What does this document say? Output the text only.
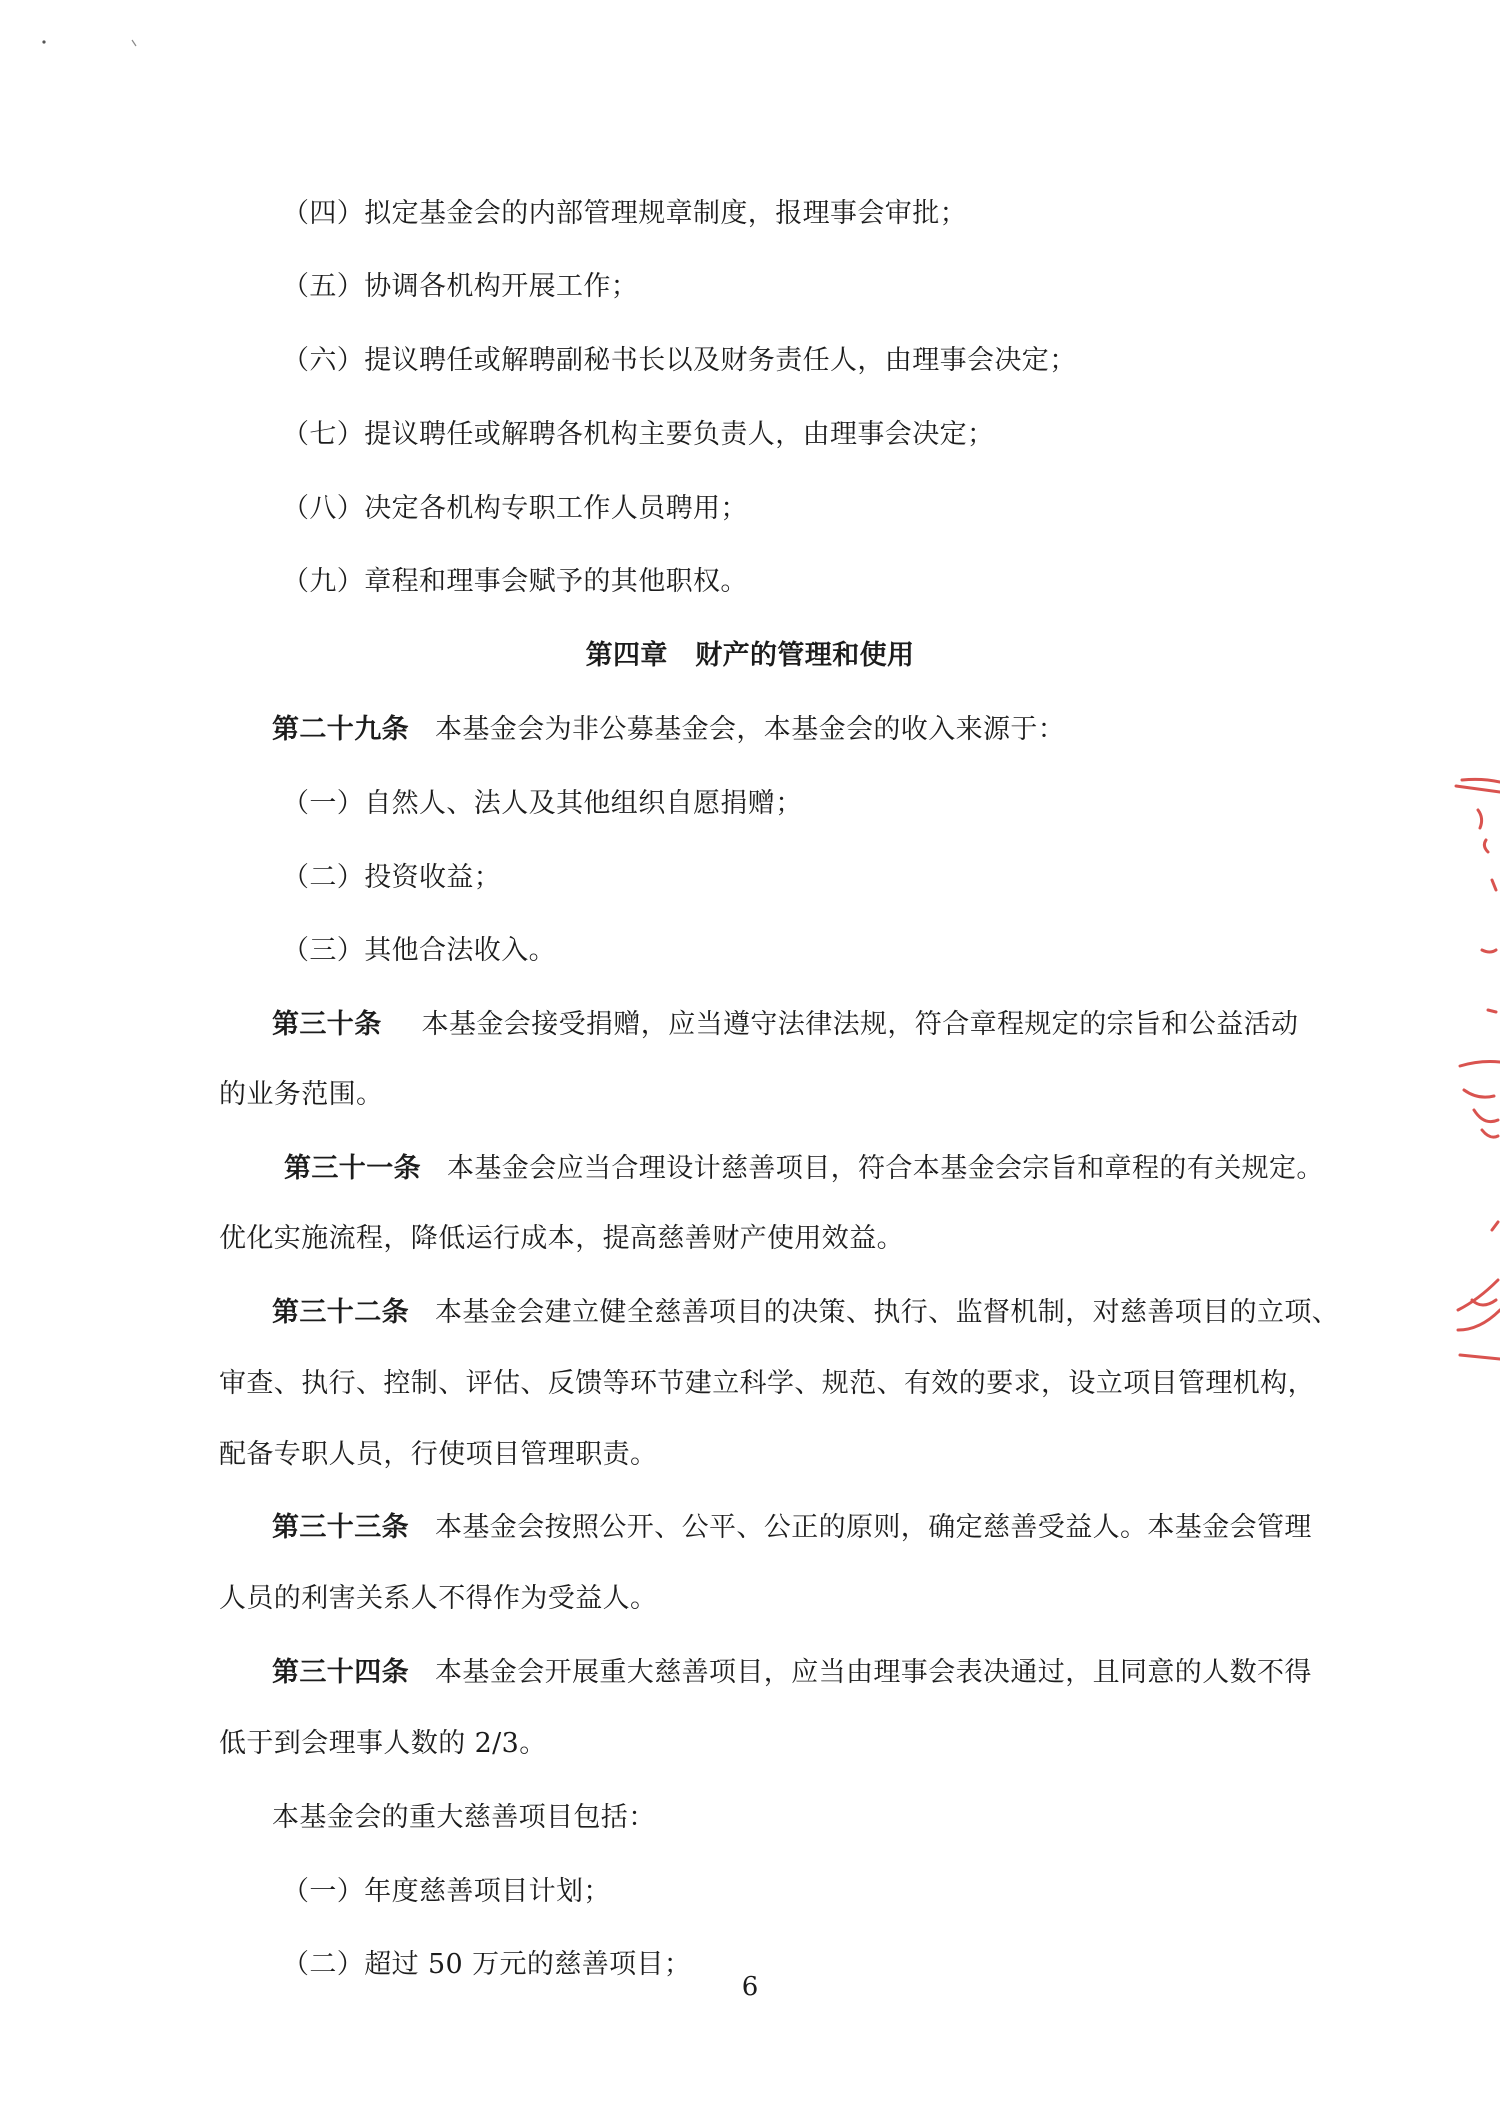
（四）拟定基金会的内部管理规章制度，报理事会审批；
（五）协调各机构开展工作；
（六）提议聘任或解聘副秘书长以及财务责任人，由理事会决定；
（七）提议聘任或解聘各机构主要负责人，由理事会决定；
（八）决定各机构专职工作人员聘用；
（九）章程和理事会赋予的其他职权。
第四章　财产的管理和使用
第二十九条 本基金会为非公募基金会，本基金会的收入来源于：
（一）自然人、法人及其他组织自愿捐赠；
（二）投资收益；
（三）其他合法收入。
第三十条 本基金会接受捐赠，应当遵守法律法规，符合章程规定的宗旨和公益活动
的业务范围。
第三十一条 本基金会应当合理设计慈善项目，符合本基金会宗旨和章程的有关规定。
优化实施流程，降低运行成本，提高慈善财产使用效益。
第三十二条 本基金会建立健全慈善项目的决策、执行、监督机制，对慈善项目的立项、
审查、执行、控制、评估、反馈等环节建立科学、规范、有效的要求，设立项目管理机构，
配备专职人员，行使项目管理职责。
第三十三条 本基金会按照公开、公平、公正的原则，确定慈善受益人。本基金会管理
人员的利害关系人不得作为受益人。
第三十四条 本基金会开展重大慈善项目，应当由理事会表决通过，且同意的人数不得
低于到会理事人数的 2/3。
本基金会的重大慈善项目包括：
（一）年度慈善项目计划；
（二）超过 50 万元的慈善项目；
6
